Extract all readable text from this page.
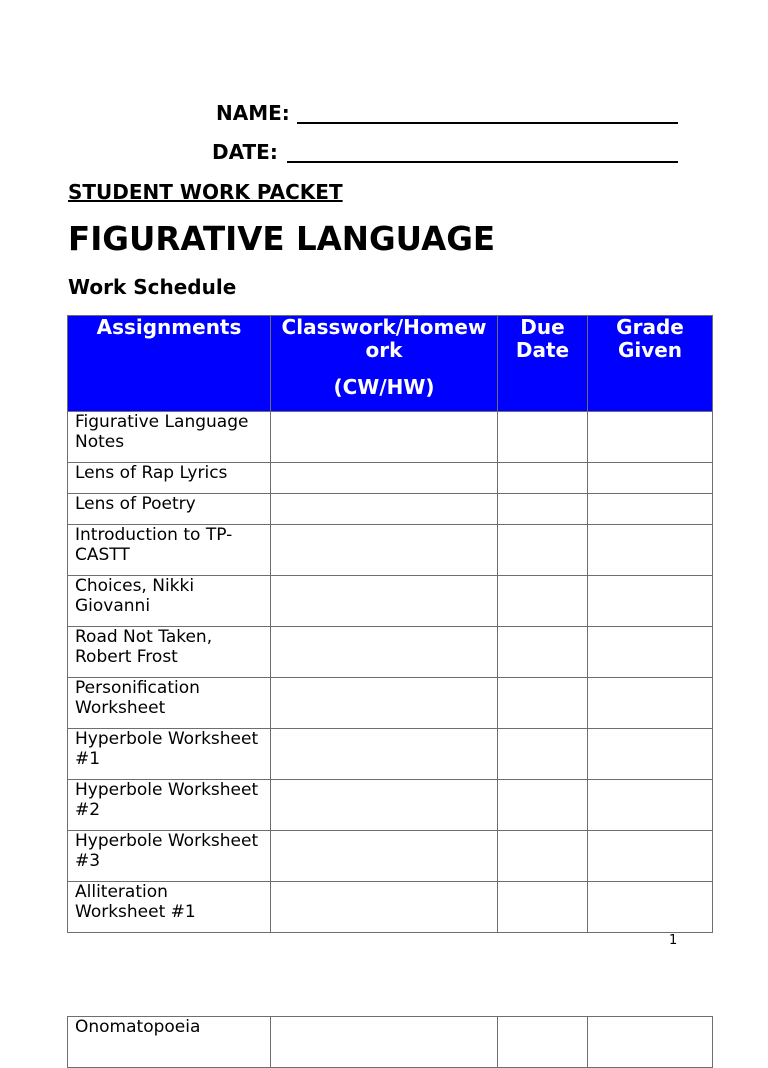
NAME:
DATE:
STUDENT WORK PACKET
FIGURATIVE LANGUAGE
Work Schedule
Assignments	Classwork/Homework
(CW/HW)
Due Date
Grade Given
Figurative Language Notes
Lens of Rap Lyrics
Lens of Poetry
Introduction to TP-CASTT
Choices, Nikki Giovanni
Road Not Taken, Robert Frost
Personification Worksheet
Hyperbole Worksheet #1
Hyperbole Worksheet #2
Hyperbole Worksheet #3
Alliteration Worksheet #1
1
Onomatopoeia
